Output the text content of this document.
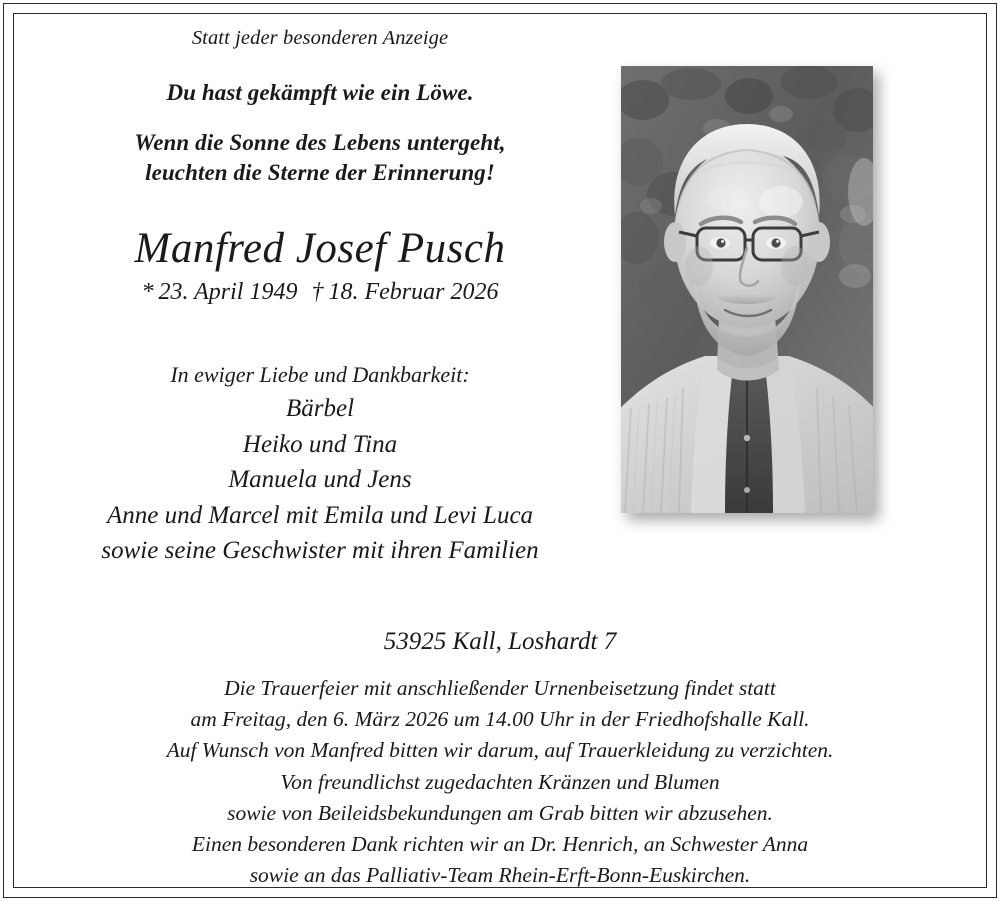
Statt jeder besonderen Anzeige

Du hast gekämpft wie ein Löwe.

Wenn die Sonne des Lebens untergeht,

leuchten die Sterne der Erinnerung!

Manfred Josef Pusch

* 23. April 1949 † 18. Februar 2026

In ewiger Liebe und Dankbarkeit:

Bärbel

Heiko und Tina

Manuela und Jens

Anne und Marcel mit Emila und Levi Luca

sowie seine Geschwister mit ihren Familien

53925 Kall, Loshardt 7

Die Trauerfeier mit anschließender Urnenbeisetzung findet statt

am Freitag, den 6. März 2026 um 14.00 Uhr in der Friedhofshalle Kall.

Auf Wunsch von Manfred bitten wir darum, auf Trauerkleidung zu verzichten.

Von freundlichst zugedachten Kränzen und Blumen

sowie von Beileidsbekundungen am Grab bitten wir abzusehen.

Einen besonderen Dank richten wir an Dr. Henrich, an Schwester Anna

sowie an das Palliativ-Team Rhein-Erft-Bonn-Euskirchen.
